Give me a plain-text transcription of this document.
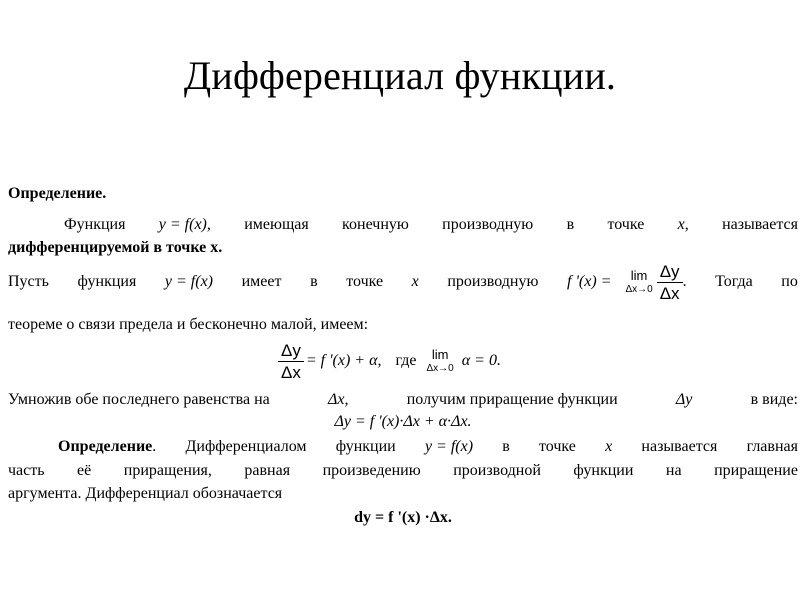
Дифференциал функции.
Определение.
Функция y = f(x), имеющая конечную производную в точке x, называется
дифференцируемой в точке x.
Пусть функция y = f(x) имеет в точке x производную f '(x) = lim
$\Delta x\to 0 \frac{\Delta y}{\Delta x}$ . Тогда по
теореме о связи предела и бесконечно малой, имеем:
$\frac{\Delta y}{\Delta x} = f$ '(x) + α, где lim
Δx→0 α = 0.
Умножив обе последнего равенства на	Δx,	получим приращение функции	Δy	в виде:
Δy = f '(x)·Δx + α·Δx.
Определение. Дифференциалом функции y = f(x) в точке x называется главная
часть её приращения, равная произведению производной функции на приращение
аргумента. Дифференциал обозначается
dy = f '(x) ·Δx.
